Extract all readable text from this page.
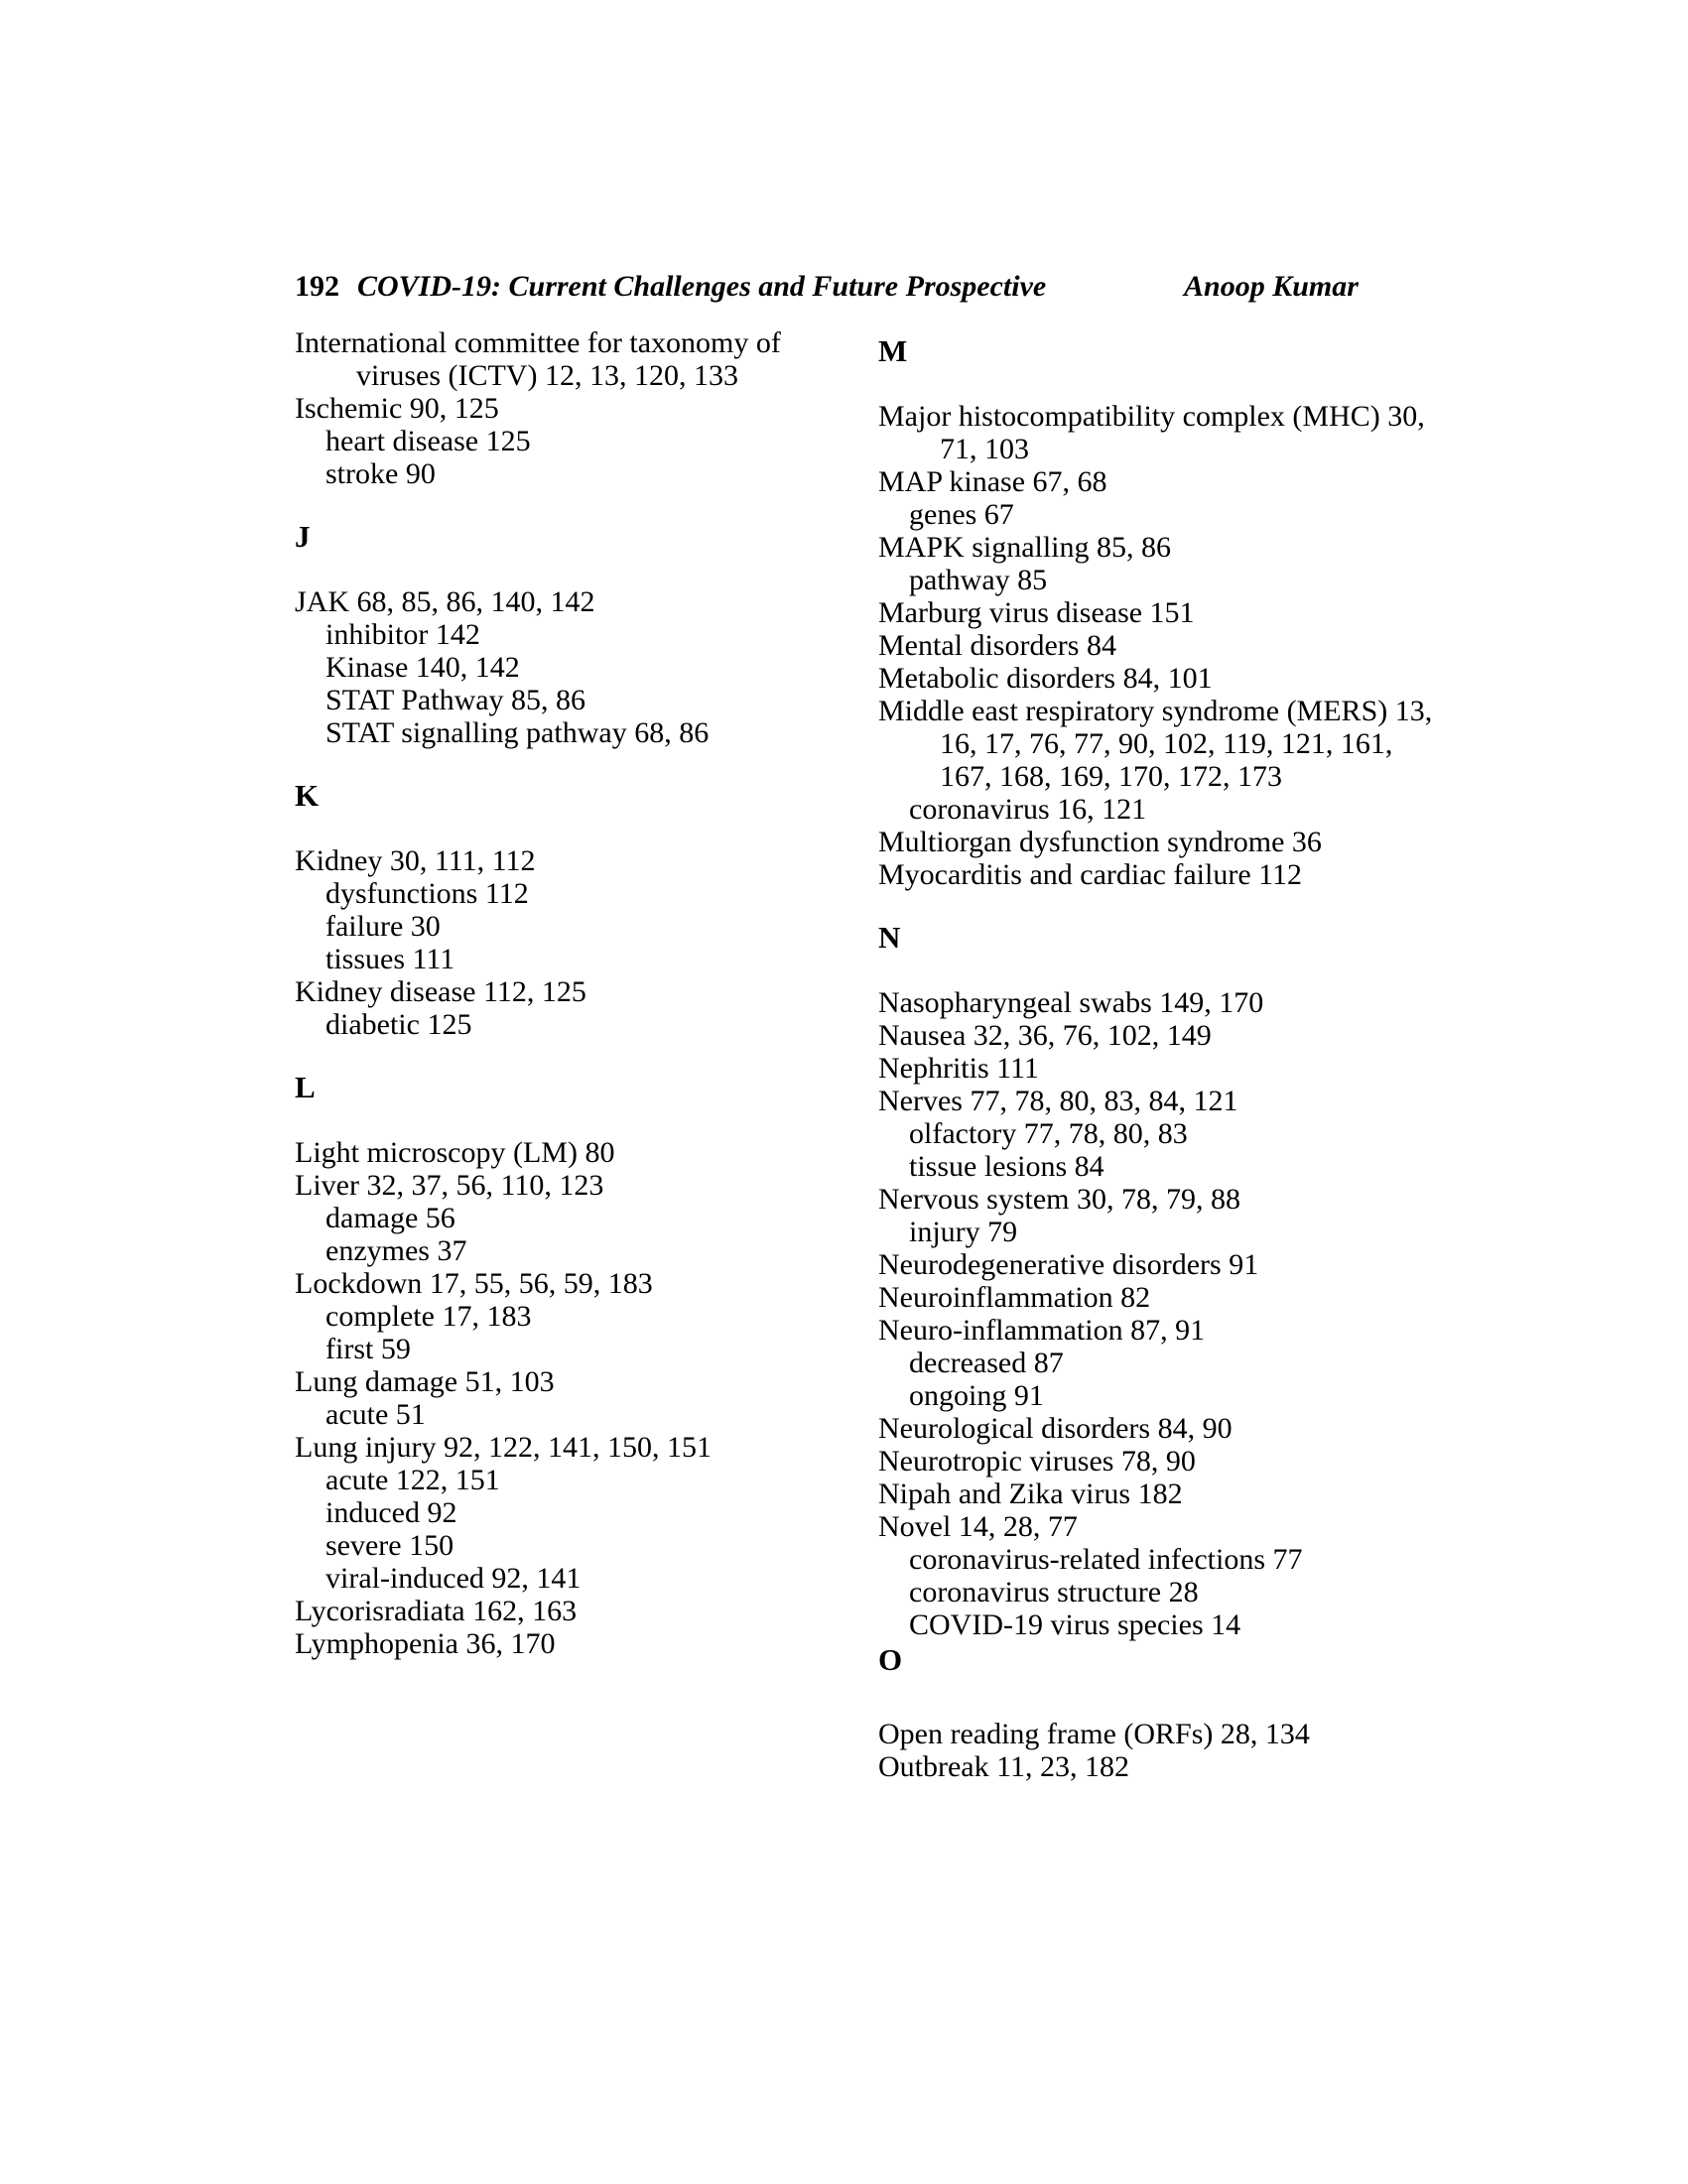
192 COVID-19: Current Challenges and Future Prospective	Anoop Kumar
International committee for taxonomy of
viruses (ICTV) 12, 13, 120, 133
Ischemic 90, 125
heart disease 125
stroke 90
J
JAK 68, 85, 86, 140, 142
inhibitor 142
Kinase 140, 142
STAT Pathway 85, 86
STAT signalling pathway 68, 86
K
Kidney 30, 111, 112
dysfunctions 112
failure 30
tissues 111
Kidney disease 112, 125
diabetic 125
L
Light microscopy (LM) 80
Liver 32, 37, 56, 110, 123
damage 56
enzymes 37
Lockdown 17, 55, 56, 59, 183
complete 17, 183
first 59
Lung damage 51, 103
acute 51
Lung injury 92, 122, 141, 150, 151
acute 122, 151
induced 92
severe 150
viral-induced 92, 141
Lycorisradiata 162, 163
Lymphopenia 36, 170
M
Major histocompatibility complex (MHC) 30,
71, 103
MAP kinase 67, 68
genes 67
MAPK signalling 85, 86
pathway 85
Marburg virus disease 151
Mental disorders 84
Metabolic disorders 84, 101
Middle east respiratory syndrome (MERS) 13,
16, 17, 76, 77, 90, 102, 119, 121, 161,
167, 168, 169, 170, 172, 173
coronavirus 16, 121
Multiorgan dysfunction syndrome 36
Myocarditis and cardiac failure 112
N
Nasopharyngeal swabs 149, 170
Nausea 32, 36, 76, 102, 149
Nephritis 111
Nerves 77, 78, 80, 83, 84, 121
olfactory 77, 78, 80, 83
tissue lesions 84
Nervous system 30, 78, 79, 88
injury 79
Neurodegenerative disorders 91
Neuroinflammation 82
Neuro-inflammation 87, 91
decreased 87
ongoing 91
Neurological disorders 84, 90
Neurotropic viruses 78, 90
Nipah and Zika virus 182
Novel 14, 28, 77
coronavirus-related infections 77
coronavirus structure 28
COVID-19 virus species 14
O
Open reading frame (ORFs) 28, 134
Outbreak 11, 23, 182
